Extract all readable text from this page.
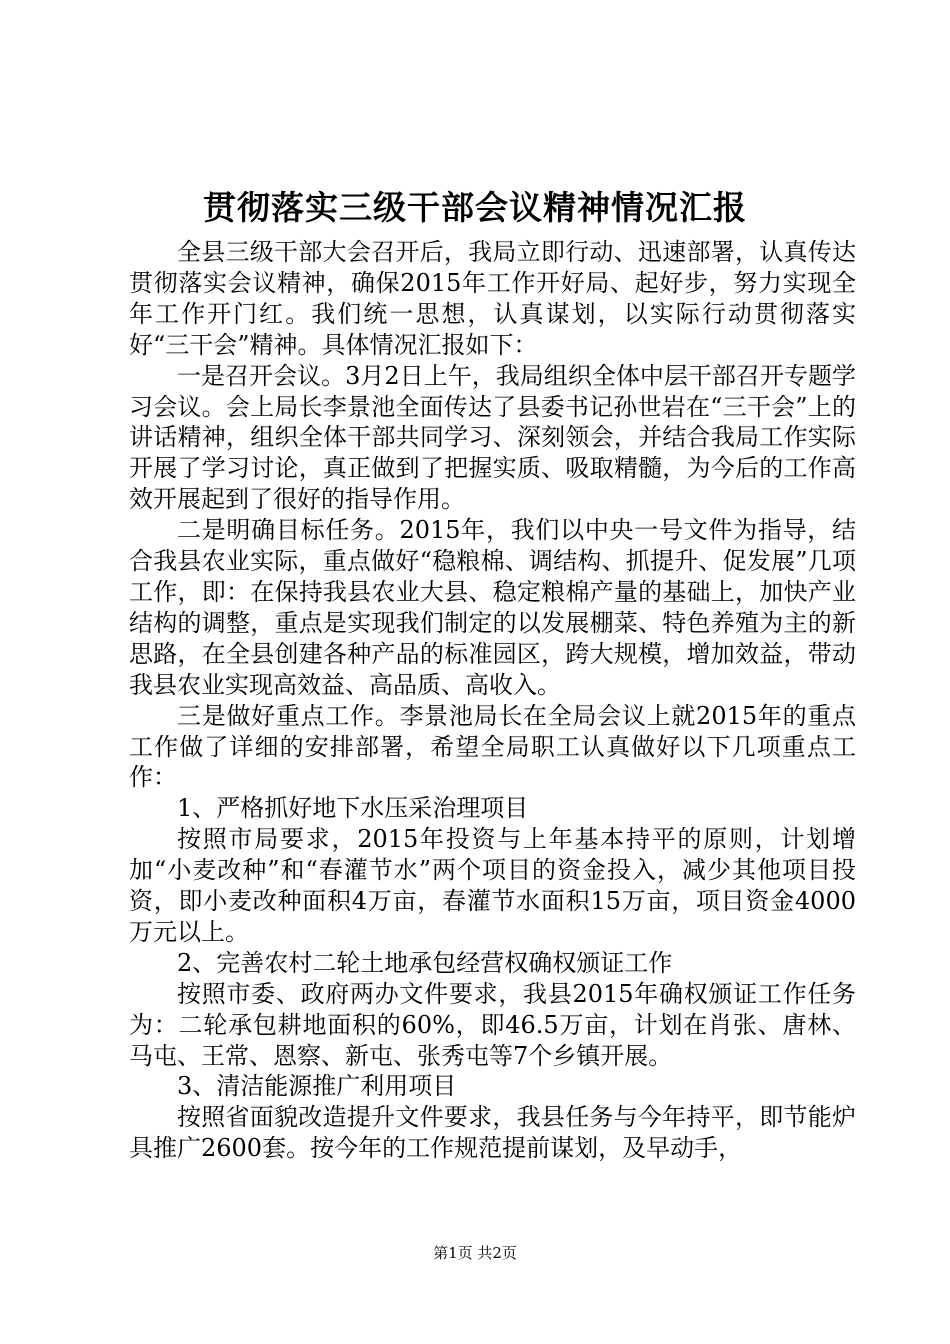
贯彻落实三级干部会议精神情况汇报

全县三级干部大会召开后，我局立即行动、迅速部署，认真传达贯彻落实会议精神，确保2015年工作开好局、起好步，努力实现全年工作开门红。我们统一思想，认真谋划，以实际行动贯彻落实好“三干会”精神。具体情况汇报如下：

一是召开会议。3月2日上午，我局组织全体中层干部召开专题学习会议。会上局长李景池全面传达了县委书记孙世岩在“三干会”上的讲话精神，组织全体干部共同学习、深刻领会，并结合我局工作实际开展了学习讨论，真正做到了把握实质、吸取精髓，为今后的工作高效开展起到了很好的指导作用。

二是明确目标任务。2015年，我们以中央一号文件为指导，结合我县农业实际，重点做好“稳粮棉、调结构、抓提升、促发展”几项工作，即：在保持我县农业大县、稳定粮棉产量的基础上，加快产业结构的调整，重点是实现我们制定的以发展棚菜、特色养殖为主的新思路，在全县创建各种产品的标准园区，跨大规模，增加效益，带动我县农业实现高效益、高品质、高收入。

三是做好重点工作。李景池局长在全局会议上就2015年的重点工作做了详细的安排部署，希望全局职工认真做好以下几项重点工作：

1、严格抓好地下水压采治理项目

按照市局要求，2015年投资与上年基本持平的原则，计划增加“小麦改种”和“春灌节水”两个项目的资金投入，减少其他项目投资，即小麦改种面积4万亩，春灌节水面积15万亩，项目资金4000万元以上。

2、完善农村二轮土地承包经营权确权颁证工作

按照市委、政府两办文件要求，我县2015年确权颁证工作任务为：二轮承包耕地面积的60%，即46.5万亩，计划在肖张、唐林、马屯、王常、恩察、新屯、张秀屯等7个乡镇开展。

3、清洁能源推广利用项目

按照省面貌改造提升文件要求，我县任务与今年持平，即节能炉具推广2600套。按今年的工作规范提前谋划，及早动手，

第1页 共2页
